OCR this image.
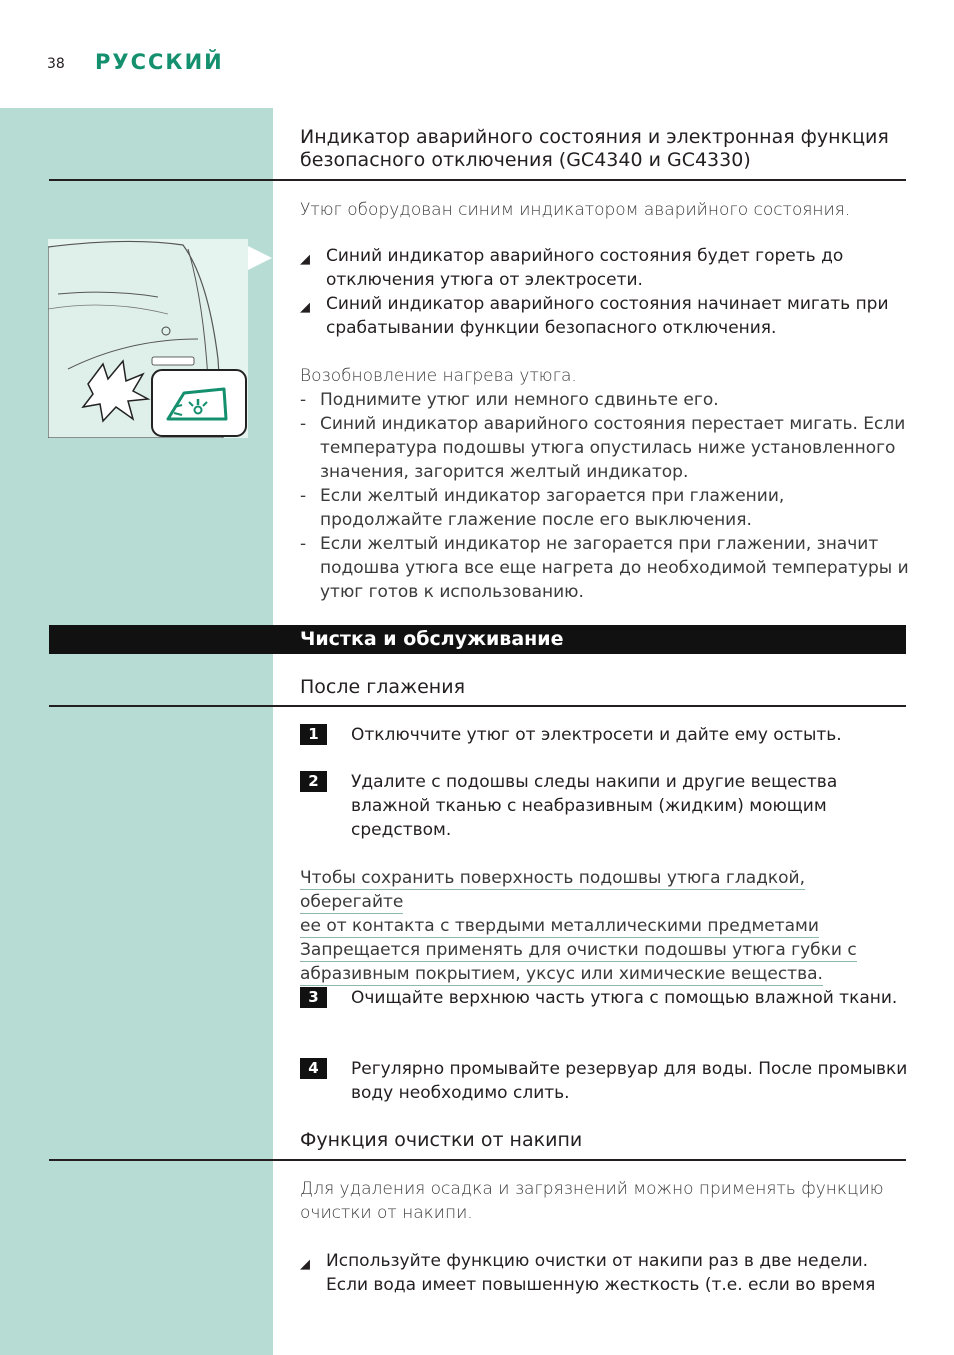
38 РУССКИЙ
Индикатор аварийного состояния и электронная функция безопасного отключения (GC4340 и GC4330)
Утюг оборудован синим индикатором аварийного состояния.
◢ Синий индикатор аварийного состояния будет гореть до отключения утюга от электросети.
◢ Синий индикатор аварийного состояния начинает мигать при срабатывании функции безопасного отключения.
Возобновление нагрева утюга.
- Поднимите утюг или немного сдвиньте его.
- Синий индикатор аварийного состояния перестает мигать. Если температура подошвы утюга опустилась ниже установленного значения, загорится желтый индикатор.
- Если желтый индикатор загорается при глажении, продолжайте глажение после его выключения.
- Если желтый индикатор не загорается при глажении, значит подошва утюга все еще нагрета до необходимой температуры и утюг готов к использованию.
Чистка и обслуживание
После глажения
1	Отключчите утюг от электросети и дайте ему остыть.
2	Удалите с подошвы следы накипи и другие вещества влажной тканью с неабразивным (жидким) моющим средством.
Чтобы сохранить поверхность подошвы утюга гладкой, оберегайте
ее от контакта с твердыми металлическими предметами
Запрещается применять для очистки подошвы утюга губки с
абразивным покрытием, уксус или химические вещества.
3	Очищайте верхнюю часть утюга с помощью влажной ткани.
4	Регулярно промывайте резервуар для воды. После промывки воду необходимо слить.
Функция очистки от накипи
Для удаления осадка и загрязнений можно применять функцию очистки от накипи.
◢ Используйте функцию очистки от накипи раз в две недели. Если вода имеет повышенную жесткость (т.е. если во время
